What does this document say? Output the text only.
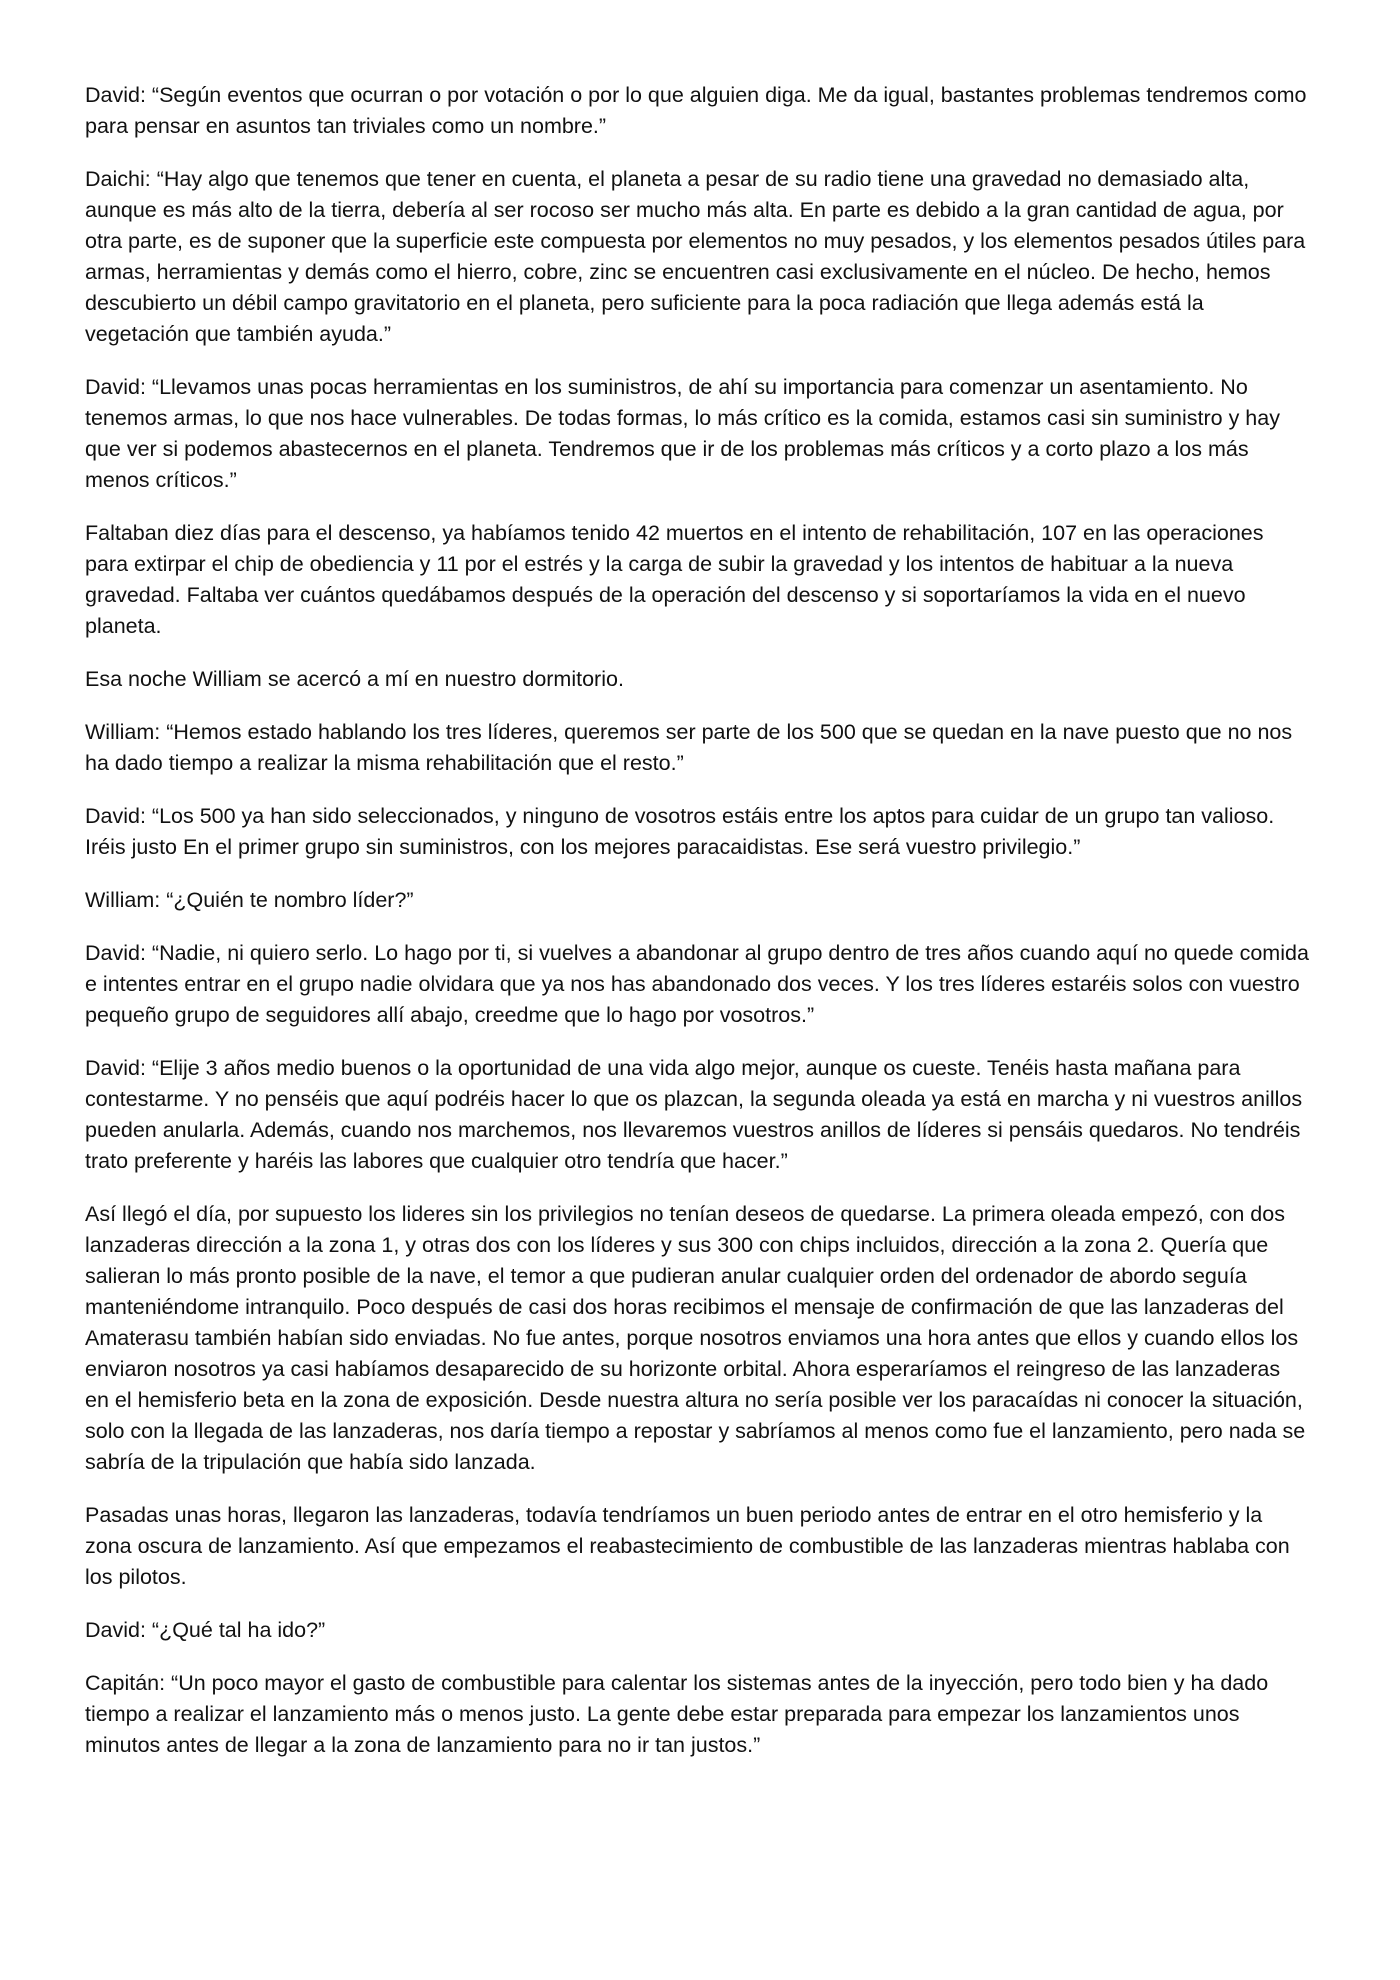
David: “Según eventos que ocurran o por votación o por lo que alguien diga. Me da igual, bastantes problemas tendremos como para pensar en asuntos tan triviales como un nombre.”

Daichi: “Hay algo que tenemos que tener en cuenta, el planeta a pesar de su radio tiene una gravedad no demasiado alta, aunque es más alto de la tierra, debería al ser rocoso ser mucho más alta. En parte es debido a la gran cantidad de agua, por otra parte, es de suponer que la superficie este compuesta por elementos no muy pesados, y los elementos pesados útiles para armas, herramientas y demás como el hierro, cobre, zinc se encuentren casi exclusivamente en el núcleo. De hecho, hemos descubierto un débil campo gravitatorio en el planeta, pero suficiente para la poca radiación que llega además está la vegetación que también ayuda.”

David: “Llevamos unas pocas herramientas en los suministros, de ahí su importancia para comenzar un asentamiento. No tenemos armas, lo que nos hace vulnerables. De todas formas, lo más crítico es la comida, estamos casi sin suministro y hay que ver si podemos abastecernos en el planeta. Tendremos que ir de los problemas más críticos y a corto plazo a los más menos críticos.”

Faltaban diez días para el descenso, ya habíamos tenido 42 muertos en el intento de rehabilitación, 107 en las operaciones para extirpar el chip de obediencia y 11 por el estrés y la carga de subir la gravedad y los intentos de habituar a la nueva gravedad. Faltaba ver cuántos quedábamos después de la operación del descenso y si soportaríamos la vida en el nuevo planeta.

Esa noche William se acercó a mí en nuestro dormitorio.

William: “Hemos estado hablando los tres líderes, queremos ser parte de los 500 que se quedan en la nave puesto que no nos ha dado tiempo a realizar la misma rehabilitación que el resto.”

David: “Los 500 ya han sido seleccionados, y ninguno de vosotros estáis entre los aptos para cuidar de un grupo tan valioso. Iréis justo En el primer grupo sin suministros, con los mejores paracaidistas. Ese será vuestro privilegio.”

William: “¿Quién te nombro líder?”

David: “Nadie, ni quiero serlo. Lo hago por ti, si vuelves a abandonar al grupo dentro de tres años cuando aquí no quede comida e intentes entrar en el grupo nadie olvidara que ya nos has abandonado dos veces. Y los tres líderes estaréis solos con vuestro pequeño grupo de seguidores allí abajo, creedme que lo hago por vosotros.”

David: “Elije 3 años medio buenos o la oportunidad de una vida algo mejor, aunque os cueste. Tenéis hasta mañana para contestarme. Y no penséis que aquí podréis hacer lo que os plazcan, la segunda oleada ya está en marcha y ni vuestros anillos pueden anularla. Además, cuando nos marchemos, nos llevaremos vuestros anillos de líderes si pensáis quedaros. No tendréis trato preferente y haréis las labores que cualquier otro tendría que hacer.”

Así llegó el día, por supuesto los lideres sin los privilegios no tenían deseos de quedarse. La primera oleada empezó, con dos lanzaderas dirección a la zona 1, y otras dos con los líderes y sus 300 con chips incluidos, dirección a la zona 2. Quería que salieran lo más pronto posible de la nave, el temor a que pudieran anular cualquier orden del ordenador de abordo seguía manteniéndome intranquilo. Poco después de casi dos horas recibimos el mensaje de confirmación de que las lanzaderas del Amaterasu también habían sido enviadas. No fue antes, porque nosotros enviamos una hora antes que ellos y cuando ellos los enviaron nosotros ya casi habíamos desaparecido de su horizonte orbital. Ahora esperaríamos el reingreso de las lanzaderas en el hemisferio beta en la zona de exposición. Desde nuestra altura no sería posible ver los paracaídas ni conocer la situación, solo con la llegada de las lanzaderas, nos daría tiempo a repostar y sabríamos al menos como fue el lanzamiento, pero nada se sabría de la tripulación que había sido lanzada.

Pasadas unas horas, llegaron las lanzaderas, todavía tendríamos un buen periodo antes de entrar en el otro hemisferio y la zona oscura de lanzamiento. Así que empezamos el reabastecimiento de combustible de las lanzaderas mientras hablaba con los pilotos.

David: “¿Qué tal ha ido?”

Capitán: “Un poco mayor el gasto de combustible para calentar los sistemas antes de la inyección, pero todo bien y ha dado tiempo a realizar el lanzamiento más o menos justo. La gente debe estar preparada para empezar los lanzamientos unos minutos antes de llegar a la zona de lanzamiento para no ir tan justos.”
